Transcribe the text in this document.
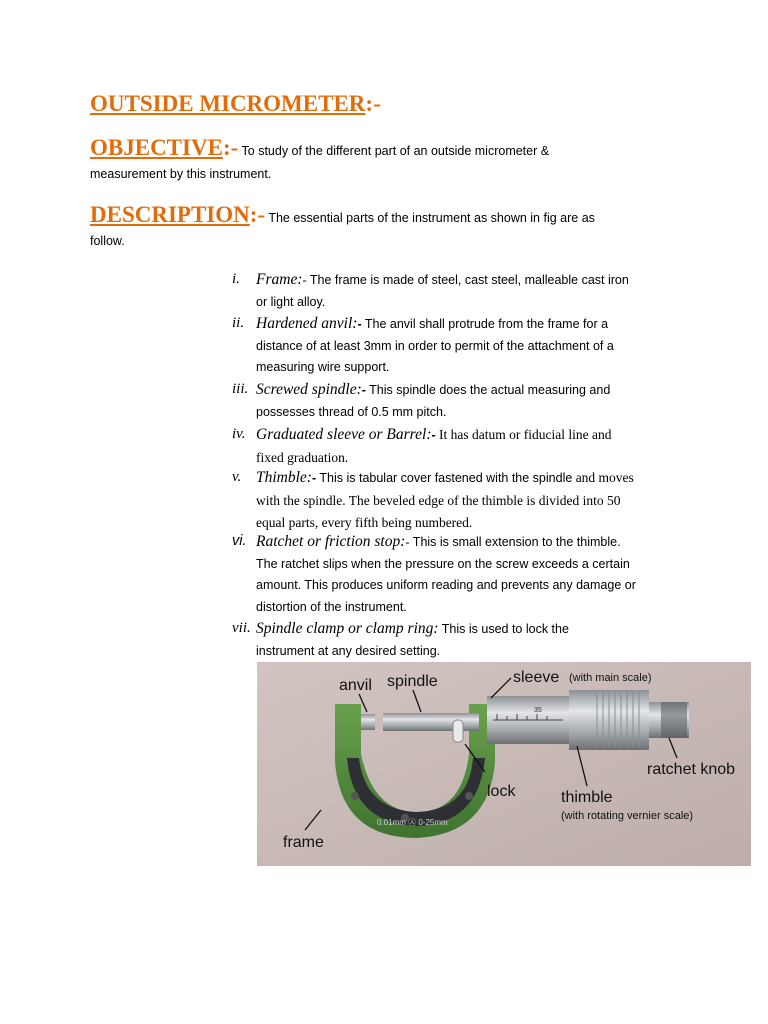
OUTSIDE MICROMETER:-
OBJECTIVE:- To study of the different part of an outside micrometer &
measurement by this instrument.
DESCRIPTION:- The essential parts of the instrument as shown in fig are as
follow.
i.	Frame:- The frame is made of steel, cast steel, malleable cast iron
or light alloy.
ii. Hardened anvil:- The anvil shall protrude from the frame for a
distance of at least 3mm in order to permit of the attachment of a
measuring wire support.
iii. Screwed spindle:- This spindle does the actual measuring and
possesses thread of 0.5 mm pitch.
iv. Graduated sleeve or Barrel:- It has datum or fiducial line and
fixed graduation.
v. Thimble:- This is tabular cover fastened with the spindle and moves
with the spindle. The beveled edge of the thimble is divided into 50
equal parts, every fifth being numbered.
vi. Ratchet or friction stop:- This is small extension to the thimble.
The ratchet slips when the pressure on the screw exceeds a certain
amount. This produces uniform reading and prevents any damage or
distortion of the instrument.
vii. Spindle clamp or clamp ring: This is used to lock the
instrument at any desired setting.
0.01mm Ⓐ 0-25mm
35
anvil spindle	sleeve (with main scale)
lock	thimble
(with rotating vernier scale)
ratchet knob
frame
